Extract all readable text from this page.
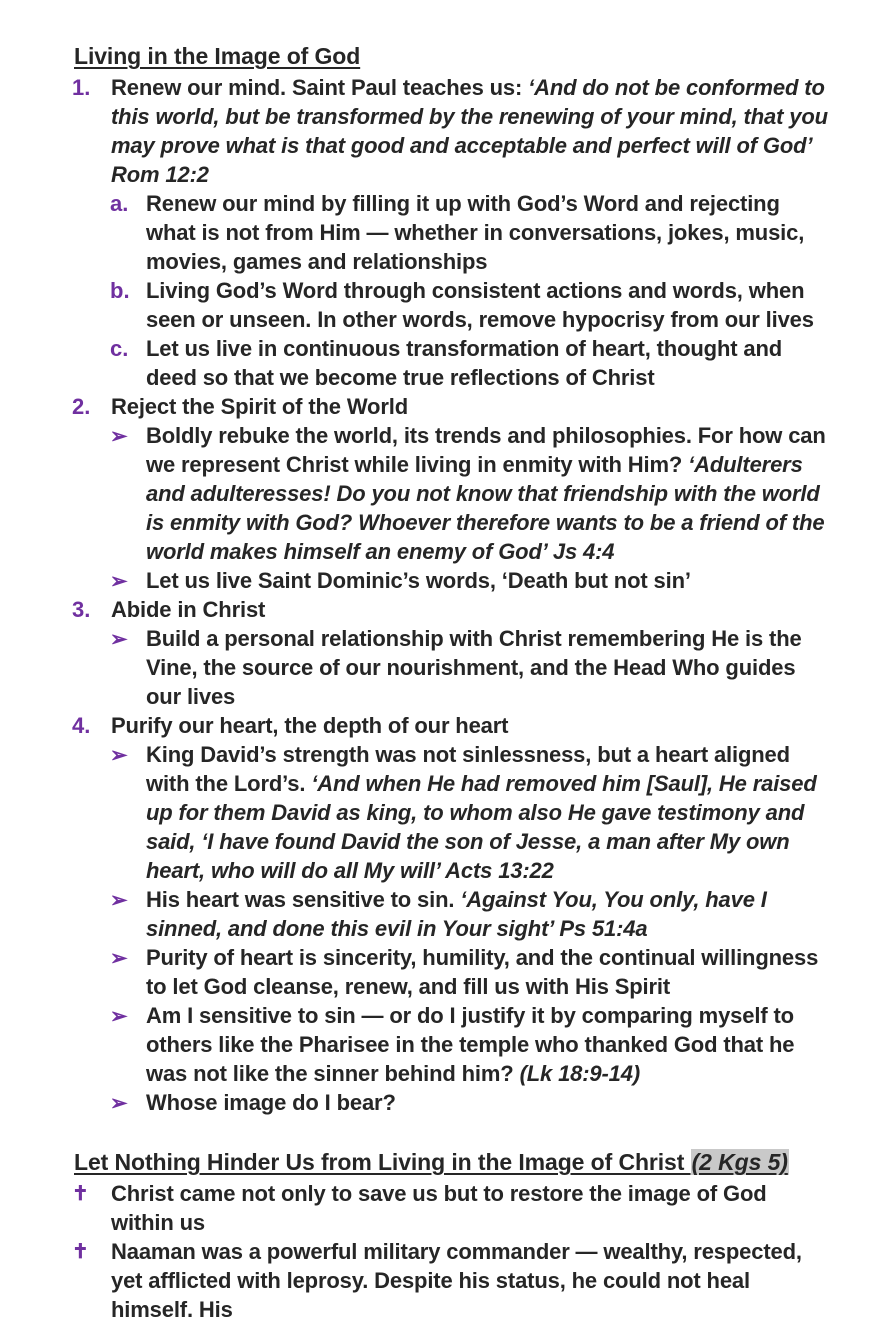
Living in the Image of God
1. Renew our mind. Saint Paul teaches us: ‘And do not be conformed to this world, but be transformed by the renewing of your mind, that you may prove what is that good and acceptable and perfect will of God’ Rom 12:2
a. Renew our mind by filling it up with God’s Word and rejecting what is not from Him — whether in conversations, jokes, music, movies, games and relationships
b. Living God’s Word through consistent actions and words, when seen or unseen. In other words, remove hypocrisy from our lives
c. Let us live in continuous transformation of heart, thought and deed so that we become true reflections of Christ
2. Reject the Spirit of the World
➢ Boldly rebuke the world, its trends and philosophies. For how can we represent Christ while living in enmity with Him? ‘Adulterers and adulteresses! Do you not know that friendship with the world is enmity with God? Whoever therefore wants to be a friend of the world makes himself an enemy of God’ Js 4:4
➢ Let us live Saint Dominic’s words, ‘Death but not sin’
3. Abide in Christ
➢ Build a personal relationship with Christ remembering He is the Vine, the source of our nourishment, and the Head Who guides our lives
4. Purify our heart, the depth of our heart
➢ King David’s strength was not sinlessness, but a heart aligned with the Lord’s. ‘And when He had removed him [Saul], He raised up for them David as king, to whom also He gave testimony and said, ‘I have found David the son of Jesse, a man after My own heart, who will do all My will’ Acts 13:22
➢ His heart was sensitive to sin. ‘Against You, You only, have I sinned, and done this evil in Your sight’ Ps 51:4a
➢ Purity of heart is sincerity, humility, and the continual willingness to let God cleanse, renew, and fill us with His Spirit
➢ Am I sensitive to sin — or do I justify it by comparing myself to others like the Pharisee in the temple who thanked God that he was not like the sinner behind him? (Lk 18:9-14)
➢ Whose image do I bear?
Let Nothing Hinder Us from Living in the Image of Christ (2 Kgs 5)
✝	Christ came not only to save us but to restore the image of God within us
✝	Naaman was a powerful military commander — wealthy, respected, yet afflicted with leprosy. Despite his status, he could not heal himself. His
